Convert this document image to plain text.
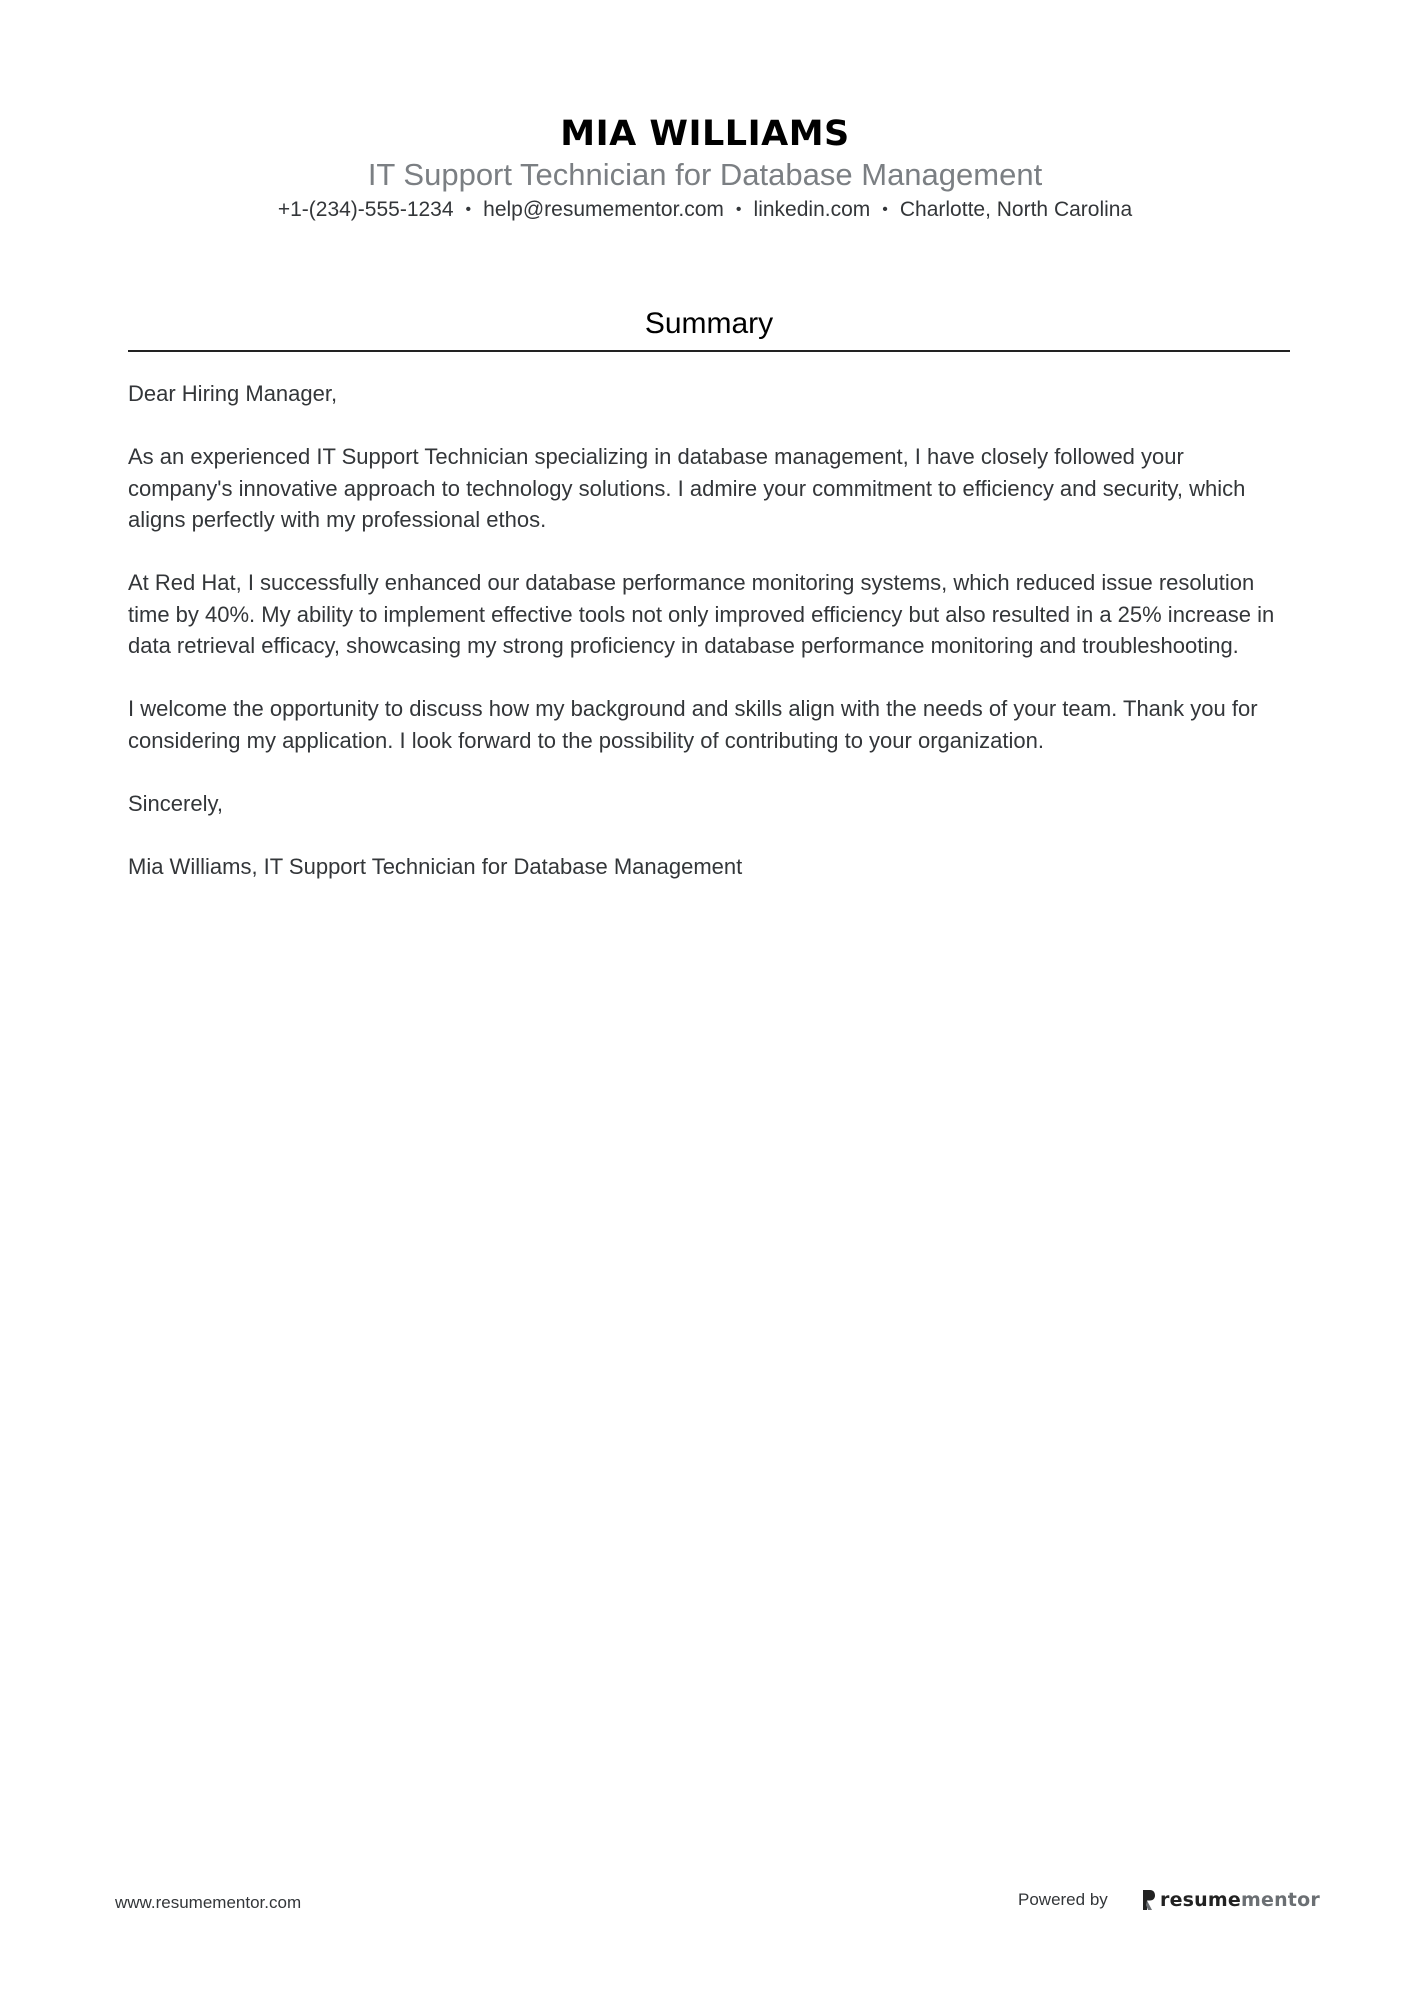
MIA WILLIAMS
IT Support Technician for Database Management
+1-(234)-555-1234 • help@resumementor.com • linkedin.com • Charlotte, North Carolina
Summary

Dear Hiring Manager,

As an experienced IT Support Technician specializing in database management, I have closely followed your company's innovative approach to technology solutions. I admire your commitment to efficiency and security, which aligns perfectly with my professional ethos.

At Red Hat, I successfully enhanced our database performance monitoring systems, which reduced issue resolution time by 40%. My ability to implement effective tools not only improved efficiency but also resulted in a 25% increase in data retrieval efficacy, showcasing my strong proficiency in database performance monitoring and troubleshooting.

I welcome the opportunity to discuss how my background and skills align with the needs of your team. Thank you for considering my application. I look forward to the possibility of contributing to your organization.

Sincerely,

Mia Williams, IT Support Technician for Database Management

www.resumementor.com	Powered by	resumementor
